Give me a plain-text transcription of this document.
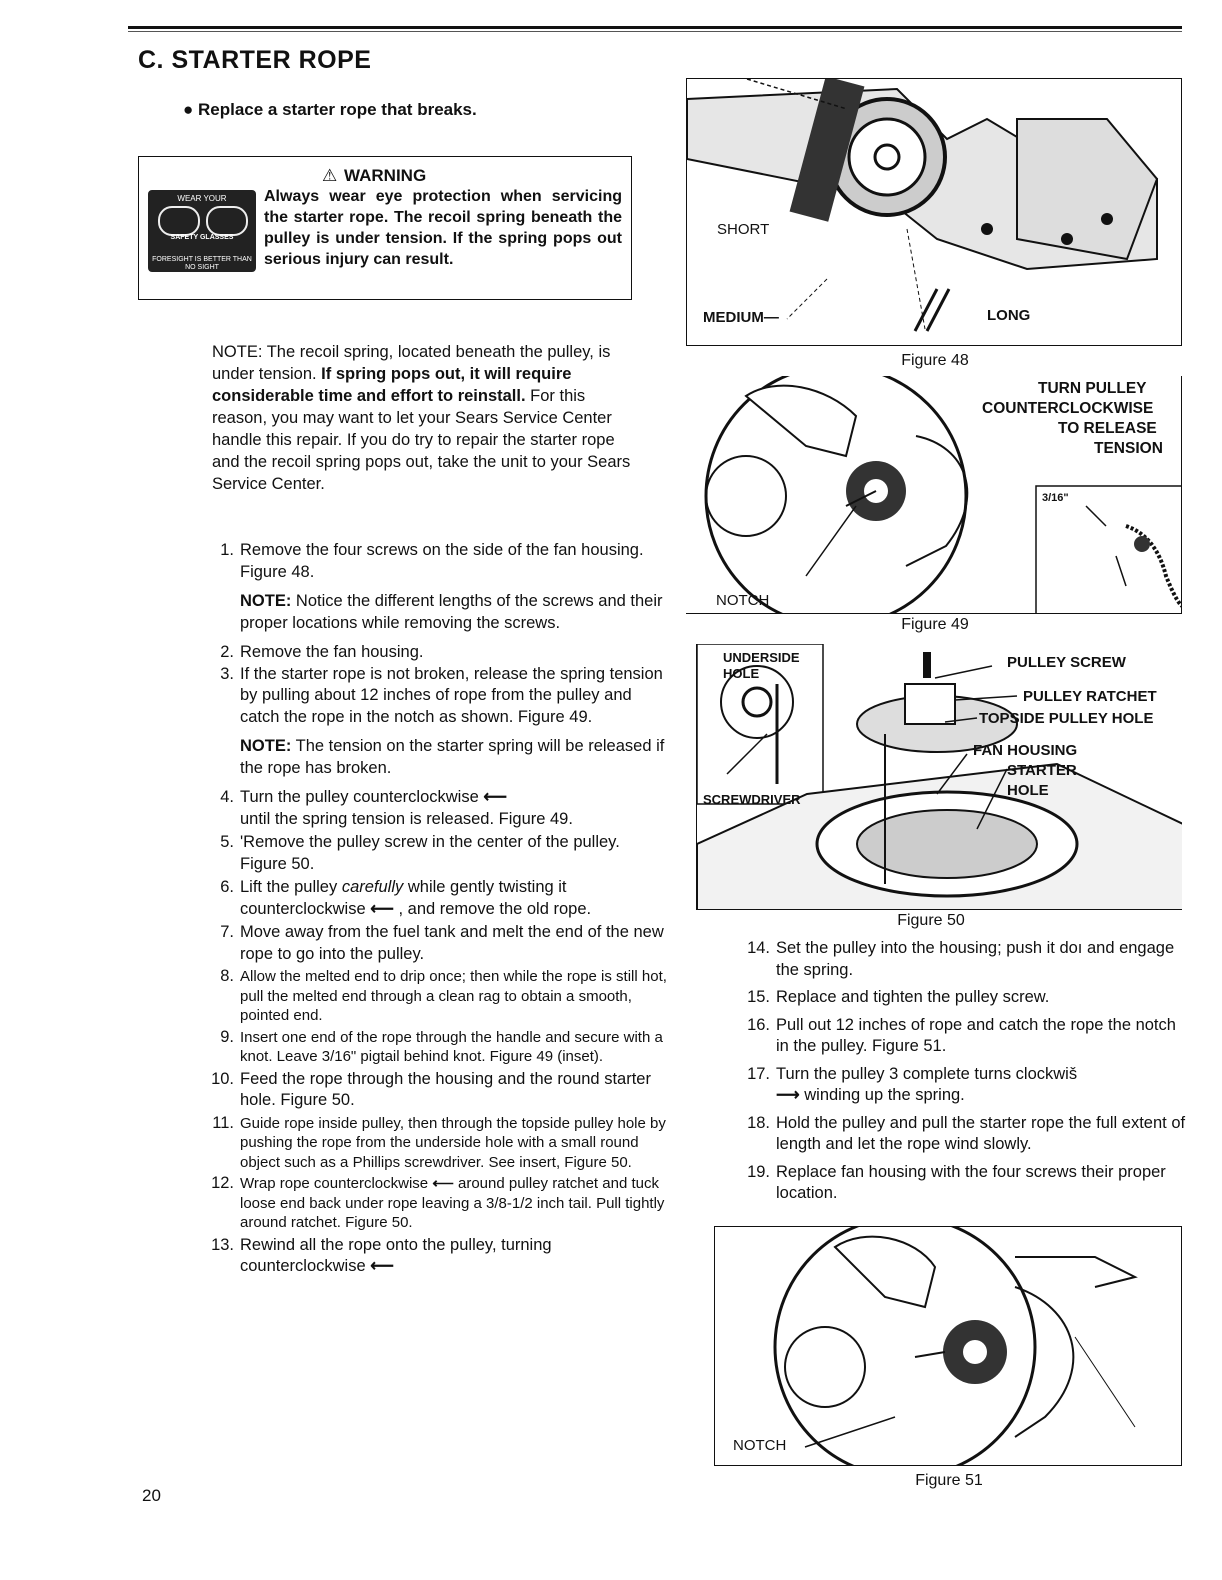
C. STARTER ROPE
● Replace a starter rope that breaks.
WEAR YOUR
SAFETY GLASSES
FORESIGHT IS BETTER THAN NO SIGHT
⚠ WARNING
Always wear eye protection when servicing the starter rope. The recoil spring beneath the pulley is under tension. If the spring pops out serious injury can result.
NOTE: The recoil spring, located beneath the pulley, is under tension. If spring pops out, it will require considerable time and effort to reinstall. For this reason, you may want to let your Sears Service Center handle this repair. If you do try to repair the starter rope and the recoil spring pops out, take the unit to your Sears Service Center.
1. Remove the four screws on the side of the fan housing. Figure 48.
NOTE: Notice the different lengths of the screws and their proper locations while removing the screws.
2. Remove the fan housing.
3. If the starter rope is not broken, release the spring tension by pulling about 12 inches of rope from the pulley and catch the rope in the notch as shown. Figure 49.
NOTE: The tension on the starter spring will be released if the rope has broken.
4. Turn the pulley counterclockwise ⟵
until the spring tension is released. Figure 49.
5. 'Remove the pulley screw in the center of the pulley. Figure 50.
6. Lift the pulley carefully while gently twisting it counterclockwise ⟵ , and remove the old rope.
7. Move away from the fuel tank and melt the end of the new rope to go into the pulley.
8. Allow the melted end to drip once; then while the rope is still hot, pull the melted end through a clean rag to obtain a smooth, pointed end.
9. Insert one end of the rope through the handle and secure with a knot. Leave 3/16" pigtail behind knot. Figure 49 (inset).
10. Feed the rope through the housing and the round starter hole. Figure 50.
11. Guide rope inside pulley, then through the topside pulley hole by pushing the rope from the underside hole with a small round object such as a Phillips screwdriver. See insert, Figure 50.
12. Wrap rope counterclockwise ⟵ around pulley ratchet and tuck loose end back under rope leaving a 3/8-1/2 inch tail. Pull tightly around ratchet. Figure 50.
13. Rewind all the rope onto the pulley, turning counterclockwise ⟵
20
SHORT
MEDIUM—	LONG
Figure 48
TURN PULLEY
COUNTERCLOCKWISE
TO RELEASE
TENSION
3/16"
NOTCH
Figure 49
UNDERSIDE
HOLE
SCREWDRIVER
PULLEY SCREW
PULLEY RATCHET
TOPSIDE PULLEY HOLE
FAN HOUSING
STARTER
HOLE
Figure 50
14. Set the pulley into the housing; push it doı and engage the spring.
15. Replace and tighten the pulley screw.
16. Pull out 12 inches of rope and catch the rope the notch in the pulley. Figure 51.
17. Turn the pulley 3 complete turns clockwiš
⟶ winding up the spring.
18. Hold the pulley and pull the starter rope the full extent of length and let the rope wind slowly.
19. Replace fan housing with the four screws their proper location.
NOTCH
Figure 51
